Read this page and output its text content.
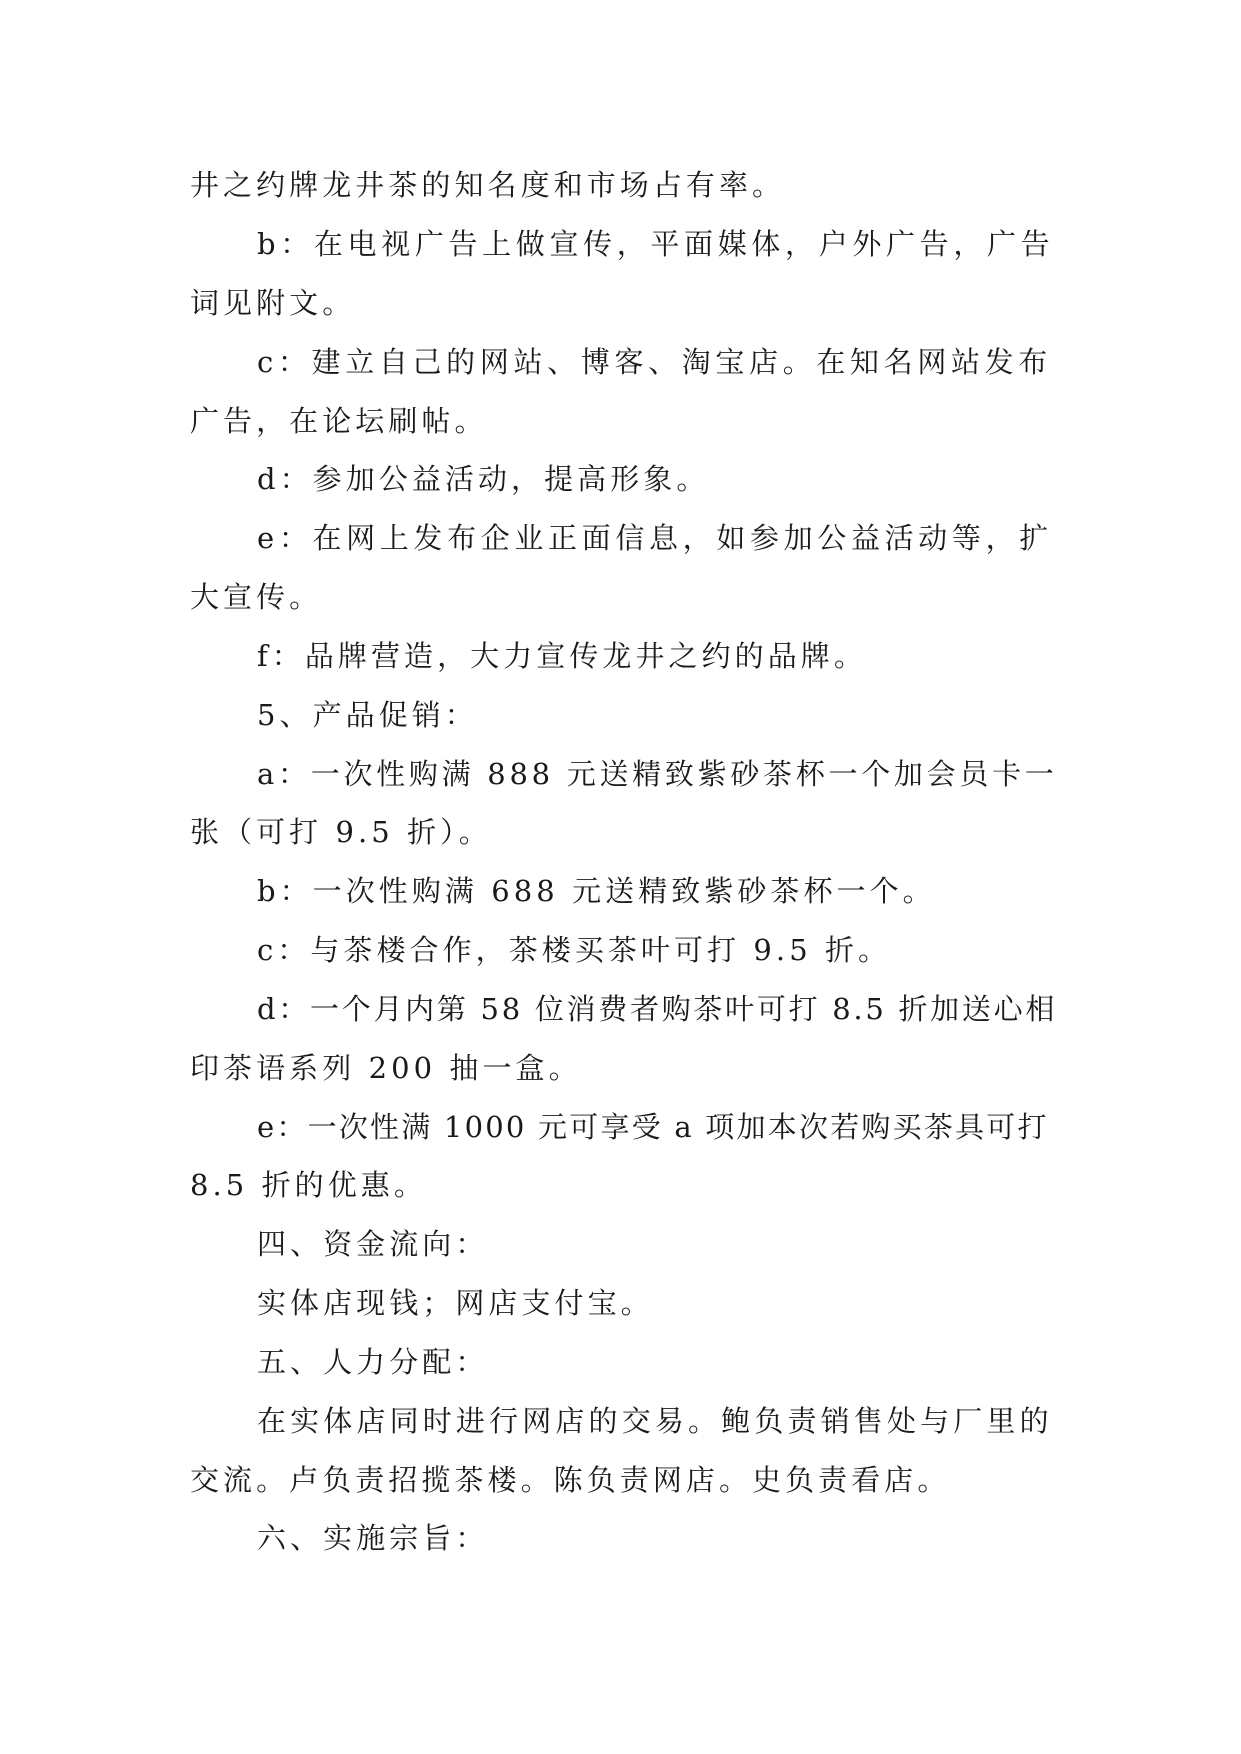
井之约牌龙井茶的知名度和市场占有率。

b：在电视广告上做宣传，平面媒体，户外广告，广告

词见附文。

c：建立自己的网站、博客、淘宝店。在知名网站发布

广告，在论坛刷帖。

d：参加公益活动，提高形象。

e：在网上发布企业正面信息，如参加公益活动等，扩

大宣传。

f：品牌营造，大力宣传龙井之约的品牌。

5、产品促销：

a：一次性购满 888 元送精致紫砂茶杯一个加会员卡一

张（可打 9.5 折）。

b：一次性购满 688 元送精致紫砂茶杯一个。

c：与茶楼合作，茶楼买茶叶可打 9.5 折。

d：一个月内第 58 位消费者购茶叶可打 8.5 折加送心相

印茶语系列 200 抽一盒。

e：一次性满 1000 元可享受 a 项加本次若购买茶具可打

8.5 折的优惠。

四、资金流向：

实体店现钱；网店支付宝。

五、人力分配：

在实体店同时进行网店的交易。鲍负责销售处与厂里的

交流。卢负责招揽茶楼。陈负责网店。史负责看店。

六、实施宗旨：
